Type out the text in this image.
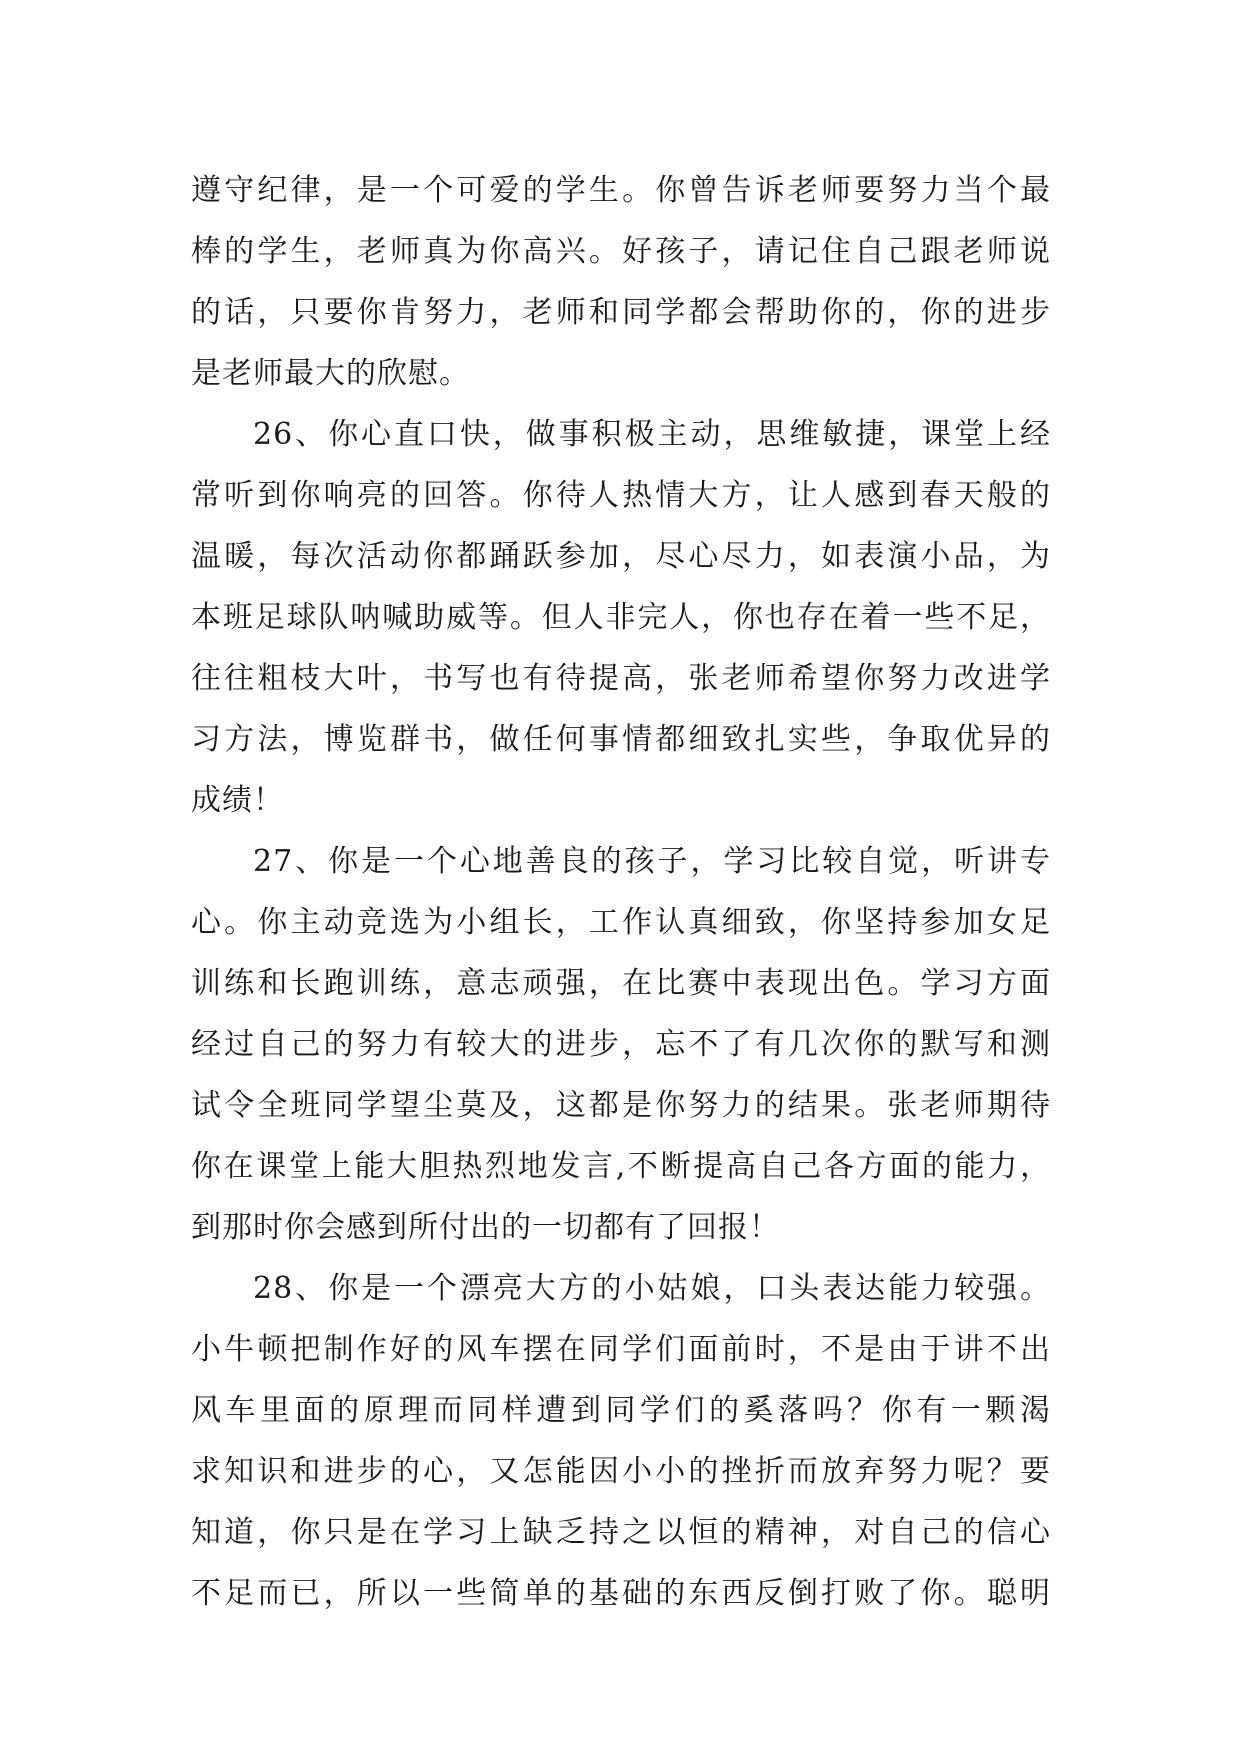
遵守纪律，是一个可爱的学生。你曾告诉老师要努力当个最
棒的学生，老师真为你高兴。好孩子，请记住自己跟老师说
的话，只要你肯努力，老师和同学都会帮助你的，你的进步
是老师最大的欣慰。
26、你心直口快，做事积极主动，思维敏捷，课堂上经
常听到你响亮的回答。你待人热情大方，让人感到春天般的
温暖，每次活动你都踊跃参加，尽心尽力，如表演小品，为
本班足球队呐喊助威等。但人非完人，你也存在着一些不足，
往往粗枝大叶，书写也有待提高，张老师希望你努力改进学
习方法，博览群书，做任何事情都细致扎实些，争取优异的
成绩！
27、你是一个心地善良的孩子，学习比较自觉，听讲专
心。你主动竞选为小组长，工作认真细致，你坚持参加女足
训练和长跑训练，意志顽强，在比赛中表现出色。学习方面
经过自己的努力有较大的进步，忘不了有几次你的默写和测
试令全班同学望尘莫及，这都是你努力的结果。张老师期待
你在课堂上能大胆热烈地发言,不断提高自己各方面的能力，
到那时你会感到所付出的一切都有了回报！
28、你是一个漂亮大方的小姑娘，口头表达能力较强。
小牛顿把制作好的风车摆在同学们面前时，不是由于讲不出
风车里面的原理而同样遭到同学们的奚落吗？你有一颗渴
求知识和进步的心，又怎能因小小的挫折而放弃努力呢？要
知道，你只是在学习上缺乏持之以恒的精神，对自己的信心
不足而已，所以一些简单的基础的东西反倒打败了你。聪明
